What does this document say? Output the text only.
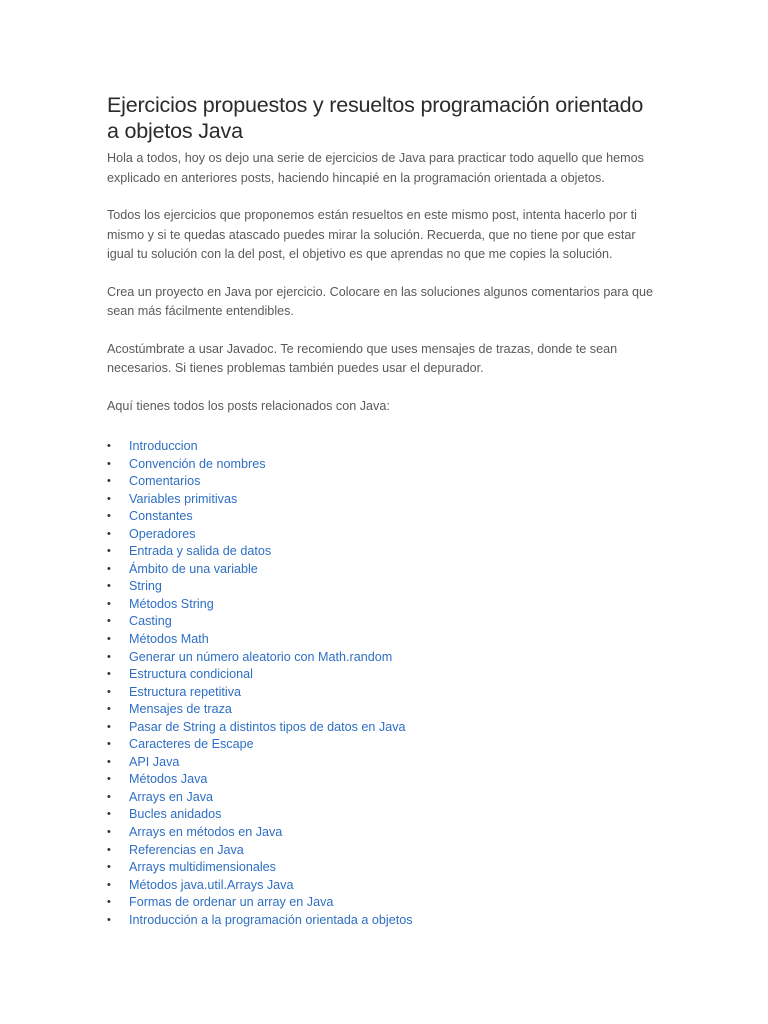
Ejercicios propuestos y resueltos programación orientado a objetos Java

Hola a todos, hoy os dejo una serie de ejercicios de Java para practicar todo aquello que hemos explicado en anteriores posts, haciendo hincapié en la programación orientada a objetos.

Todos los ejercicios que proponemos están resueltos en este mismo post, intenta hacerlo por ti mismo y si te quedas atascado puedes mirar la solución. Recuerda, que no tiene por que estar igual tu solución con la del post, el objetivo es que aprendas no que me copies la solución.

Crea un proyecto en Java por ejercicio. Colocare en las soluciones algunos comentarios para que sean más fácilmente entendibles.

Acostúmbrate a usar Javadoc. Te recomiendo que uses mensajes de trazas, donde te sean necesarios. Si tienes problemas también puedes usar el depurador.

Aquí tienes todos los posts relacionados con Java:

• Introduccion
• Convención de nombres
• Comentarios
• Variables primitivas
• Constantes
• Operadores
• Entrada y salida de datos
• Ámbito de una variable
• String
• Métodos String
• Casting
• Métodos Math
• Generar un número aleatorio con Math.random
• Estructura condicional
• Estructura repetitiva
• Mensajes de traza
• Pasar de String a distintos tipos de datos en Java
• Caracteres de Escape
• API Java
• Métodos Java
• Arrays en Java
• Bucles anidados
• Arrays en métodos en Java
• Referencias en Java
• Arrays multidimensionales
• Métodos java.util.Arrays Java
• Formas de ordenar un array en Java
• Introducción a la programación orientada a objetos
